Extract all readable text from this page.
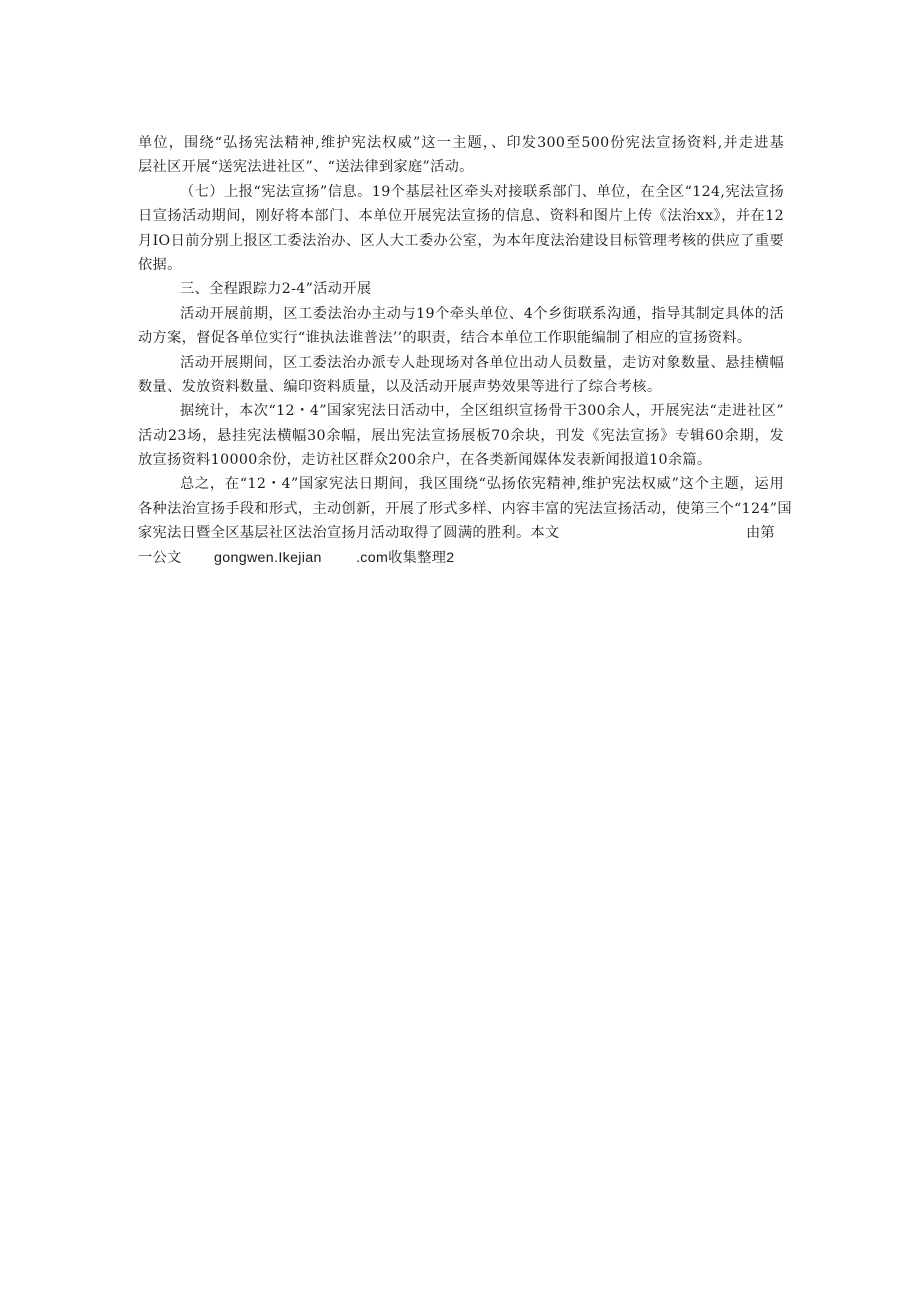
单位，围绕“弘扬宪法精神,维护宪法权威”这一主题，、印发300至500份宪法宣扬资料,并走进基
层社区开展“送宪法进社区”、“送法律到家庭”活动。
（七）上报“宪法宣扬”信息。19个基层社区牵头对接联系部门、单位，在全区“124,宪法宣扬
日宣扬活动期间，刚好将本部门、本单位开展宪法宣扬的信息、资料和图片上传《法治xx》，并在12
月IO日前分别上报区工委法治办、区人大工委办公室，为本年度法治建设目标管理考核的供应了重要
依据。
三、全程跟踪力2-4”活动开展
活动开展前期，区工委法治办主动与19个牵头单位、4个乡街联系沟通，指导其制定具体的活
动方案，督促各单位实行“谁执法谁普法’’的职责，结合本单位工作职能编制了相应的宣扬资料。
活动开展期间，区工委法治办派专人赴现场对各单位出动人员数量，走访对象数量、悬挂横幅
数量、发放资料数量、编印资料质量，以及活动开展声势效果等进行了综合考核。
据统计，本次“12・4”国家宪法日活动中，全区组织宣扬骨干300余人，开展宪法“走进社区”
活动23场，悬挂宪法横幅30余幅，展出宪法宣扬展板70余块，刊发《宪法宣扬》专辑60余期，发
放宣扬资料10000余份，走访社区群众200余户，在各类新闻媒体发表新闻报道10余篇。
总之，在“12・4”国家宪法日期间，我区围绕“弘扬依宪精神,维护宪法权威”这个主题，运用
各种法治宣扬手段和形式，主动创新，开展了形式多样、内容丰富的宪法宣扬活动，使第三个“124”国
家宪法日暨全区基层社区法治宣扬月活动取得了圆满的胜利。本文	由第
一公文 gongwen.Ikejian .com收集整理2
